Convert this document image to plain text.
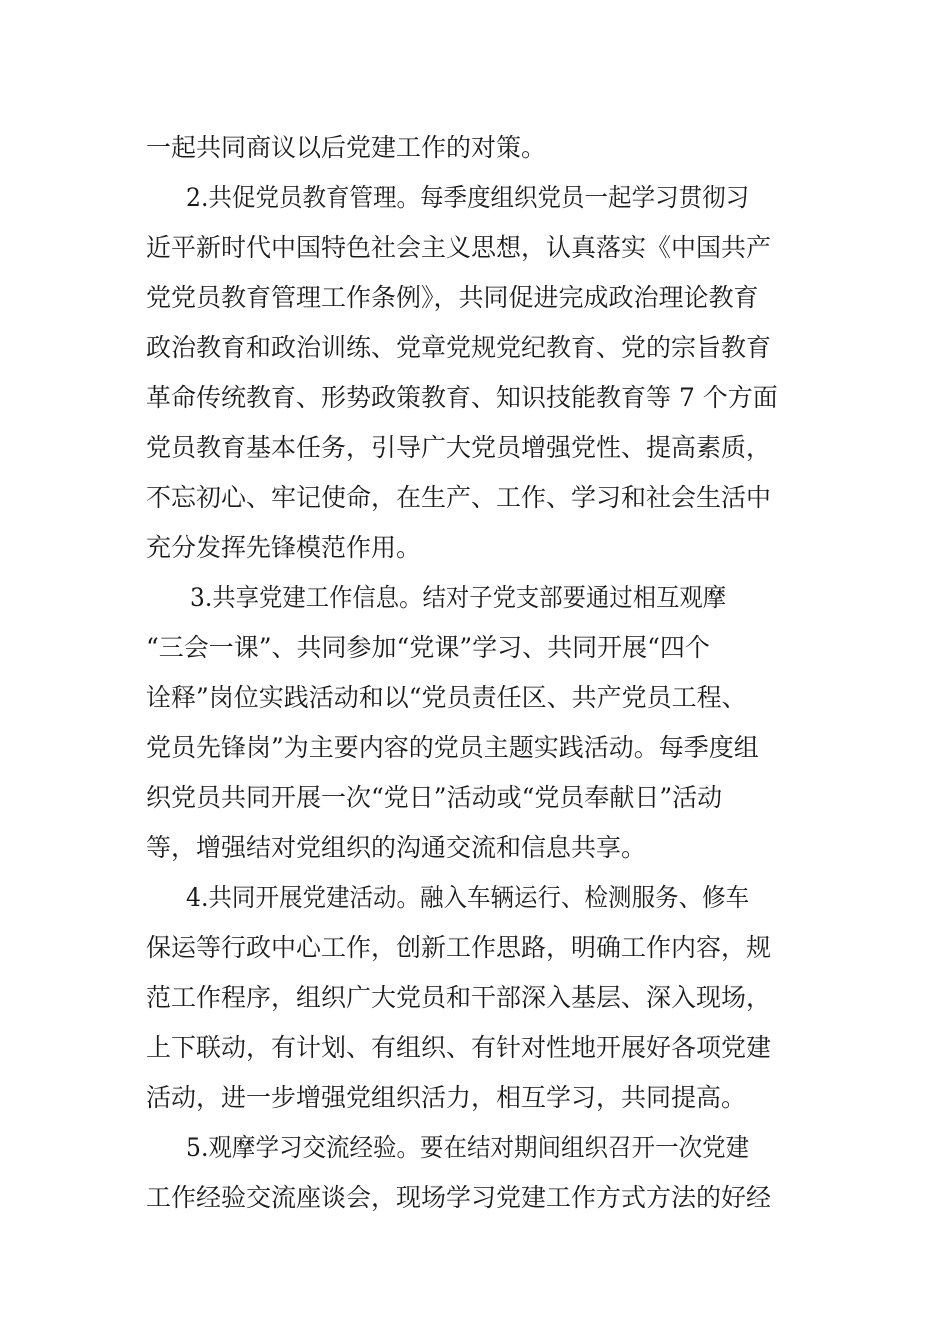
一起共同商议以后党建工作的对策。
2.共促党员教育管理。每季度组织党员一起学习贯彻习
近平新时代中国特色社会主义思想，认真落实《中国共产
党党员教育管理工作条例》，共同促进完成政治理论教育
政治教育和政治训练、党章党规党纪教育、党的宗旨教育
革命传统教育、形势政策教育、知识技能教育等 7 个方面
党员教育基本任务，引导广大党员增强党性、提高素质，
不忘初心、牢记使命，在生产、工作、学习和社会生活中
充分发挥先锋模范作用。
3.共享党建工作信息。结对子党支部要通过相互观摩
“三会一课”、共同参加“党课”学习、共同开展“四个
诠释”岗位实践活动和以“党员责任区、共产党员工程、
党员先锋岗”为主要内容的党员主题实践活动。每季度组
织党员共同开展一次“党日”活动或“党员奉献日”活动
等，增强结对党组织的沟通交流和信息共享。
4.共同开展党建活动。融入车辆运行、检测服务、修车
保运等行政中心工作，创新工作思路，明确工作内容，规
范工作程序，组织广大党员和干部深入基层、深入现场，
上下联动，有计划、有组织、有针对性地开展好各项党建
活动，进一步增强党组织活力，相互学习，共同提高。
5.观摩学习交流经验。要在结对期间组织召开一次党建
工作经验交流座谈会，现场学习党建工作方式方法的好经
